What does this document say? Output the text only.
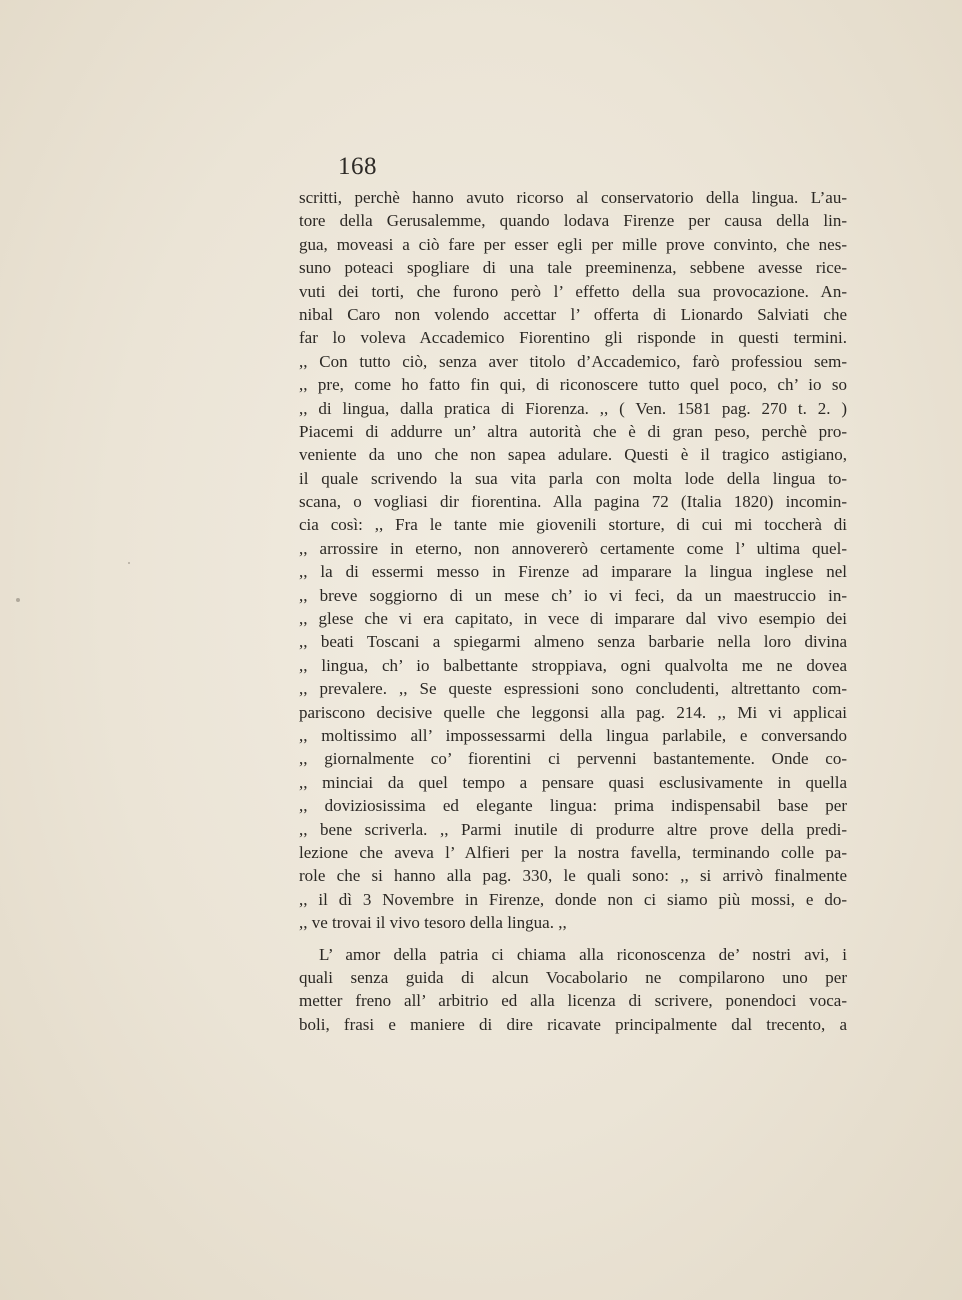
168
scritti, perchè hanno avuto ricorso al conservatorio della lingua. L’au-
tore della Gerusalemme, quando lodava Firenze per causa della lin-
gua, moveasi a ciò fare per esser egli per mille prove convinto, che nes-
suno poteaci spogliare di una tale preeminenza, sebbene avesse rice-
vuti dei torti, che furono però l’ effetto della sua provocazione. An-
nibal Caro non volendo accettar l’ offerta di Lionardo Salviati che
far lo voleva Accademico Fiorentino gli risponde in questi termini.
,, Con tutto ciò, senza aver titolo d’Accademico, farò professiou sem-
,, pre, come ho fatto fin qui, di riconoscere tutto quel poco, ch’ io so
,, di lingua, dalla pratica di Fiorenza. ,, ( Ven. 1581 pag. 270 t. 2. )
Piacemi di addurre un’ altra autorità che è di gran peso, perchè pro-
veniente da uno che non sapea adulare. Questi è il tragico astigiano,
il quale scrivendo la sua vita parla con molta lode della lingua to-
scana, o vogliasi dir fiorentina. Alla pagina 72 (Italia 1820) incomin-
cia così: ,, Fra le tante mie giovenili storture, di cui mi toccherà di
,, arrossire in eterno, non annovererò certamente come l’ ultima quel-
,, la di essermi messo in Firenze ad imparare la lingua inglese nel
,, breve soggiorno di un mese ch’ io vi feci, da un maestruccio in-
,, glese che vi era capitato, in vece di imparare dal vivo esempio dei
,, beati Toscani a spiegarmi almeno senza barbarie nella loro divina
,, lingua, ch’ io balbettante stroppiava, ogni qualvolta me ne dovea
,, prevalere. ,, Se queste espressioni sono concludenti, altrettanto com-
pariscono decisive quelle che leggonsi alla pag. 214. ,, Mi vi applicai
,, moltissimo all’ impossessarmi della lingua parlabile, e conversando
,, giornalmente co’ fiorentini ci pervenni bastantemente. Onde co-
,, minciai da quel tempo a pensare quasi esclusivamente in quella
,, doviziosissima ed elegante lingua: prima indispensabil base per
,, bene scriverla. ,, Parmi inutile di produrre altre prove della predi-
lezione che aveva l’ Alfieri per la nostra favella, terminando colle pa-
role che si hanno alla pag. 330, le quali sono: ,, si arrivò finalmente
,, il dì 3 Novembre in Firenze, donde non ci siamo più mossi, e do-
,, ve trovai il vivo tesoro della lingua. ,,
L’ amor della patria ci chiama alla riconoscenza de’ nostri avi, i
quali senza guida di alcun Vocabolario ne compilarono uno per
metter freno all’ arbitrio ed alla licenza di scrivere, ponendoci voca-
boli, frasi e maniere di dire ricavate principalmente dal trecento, a
